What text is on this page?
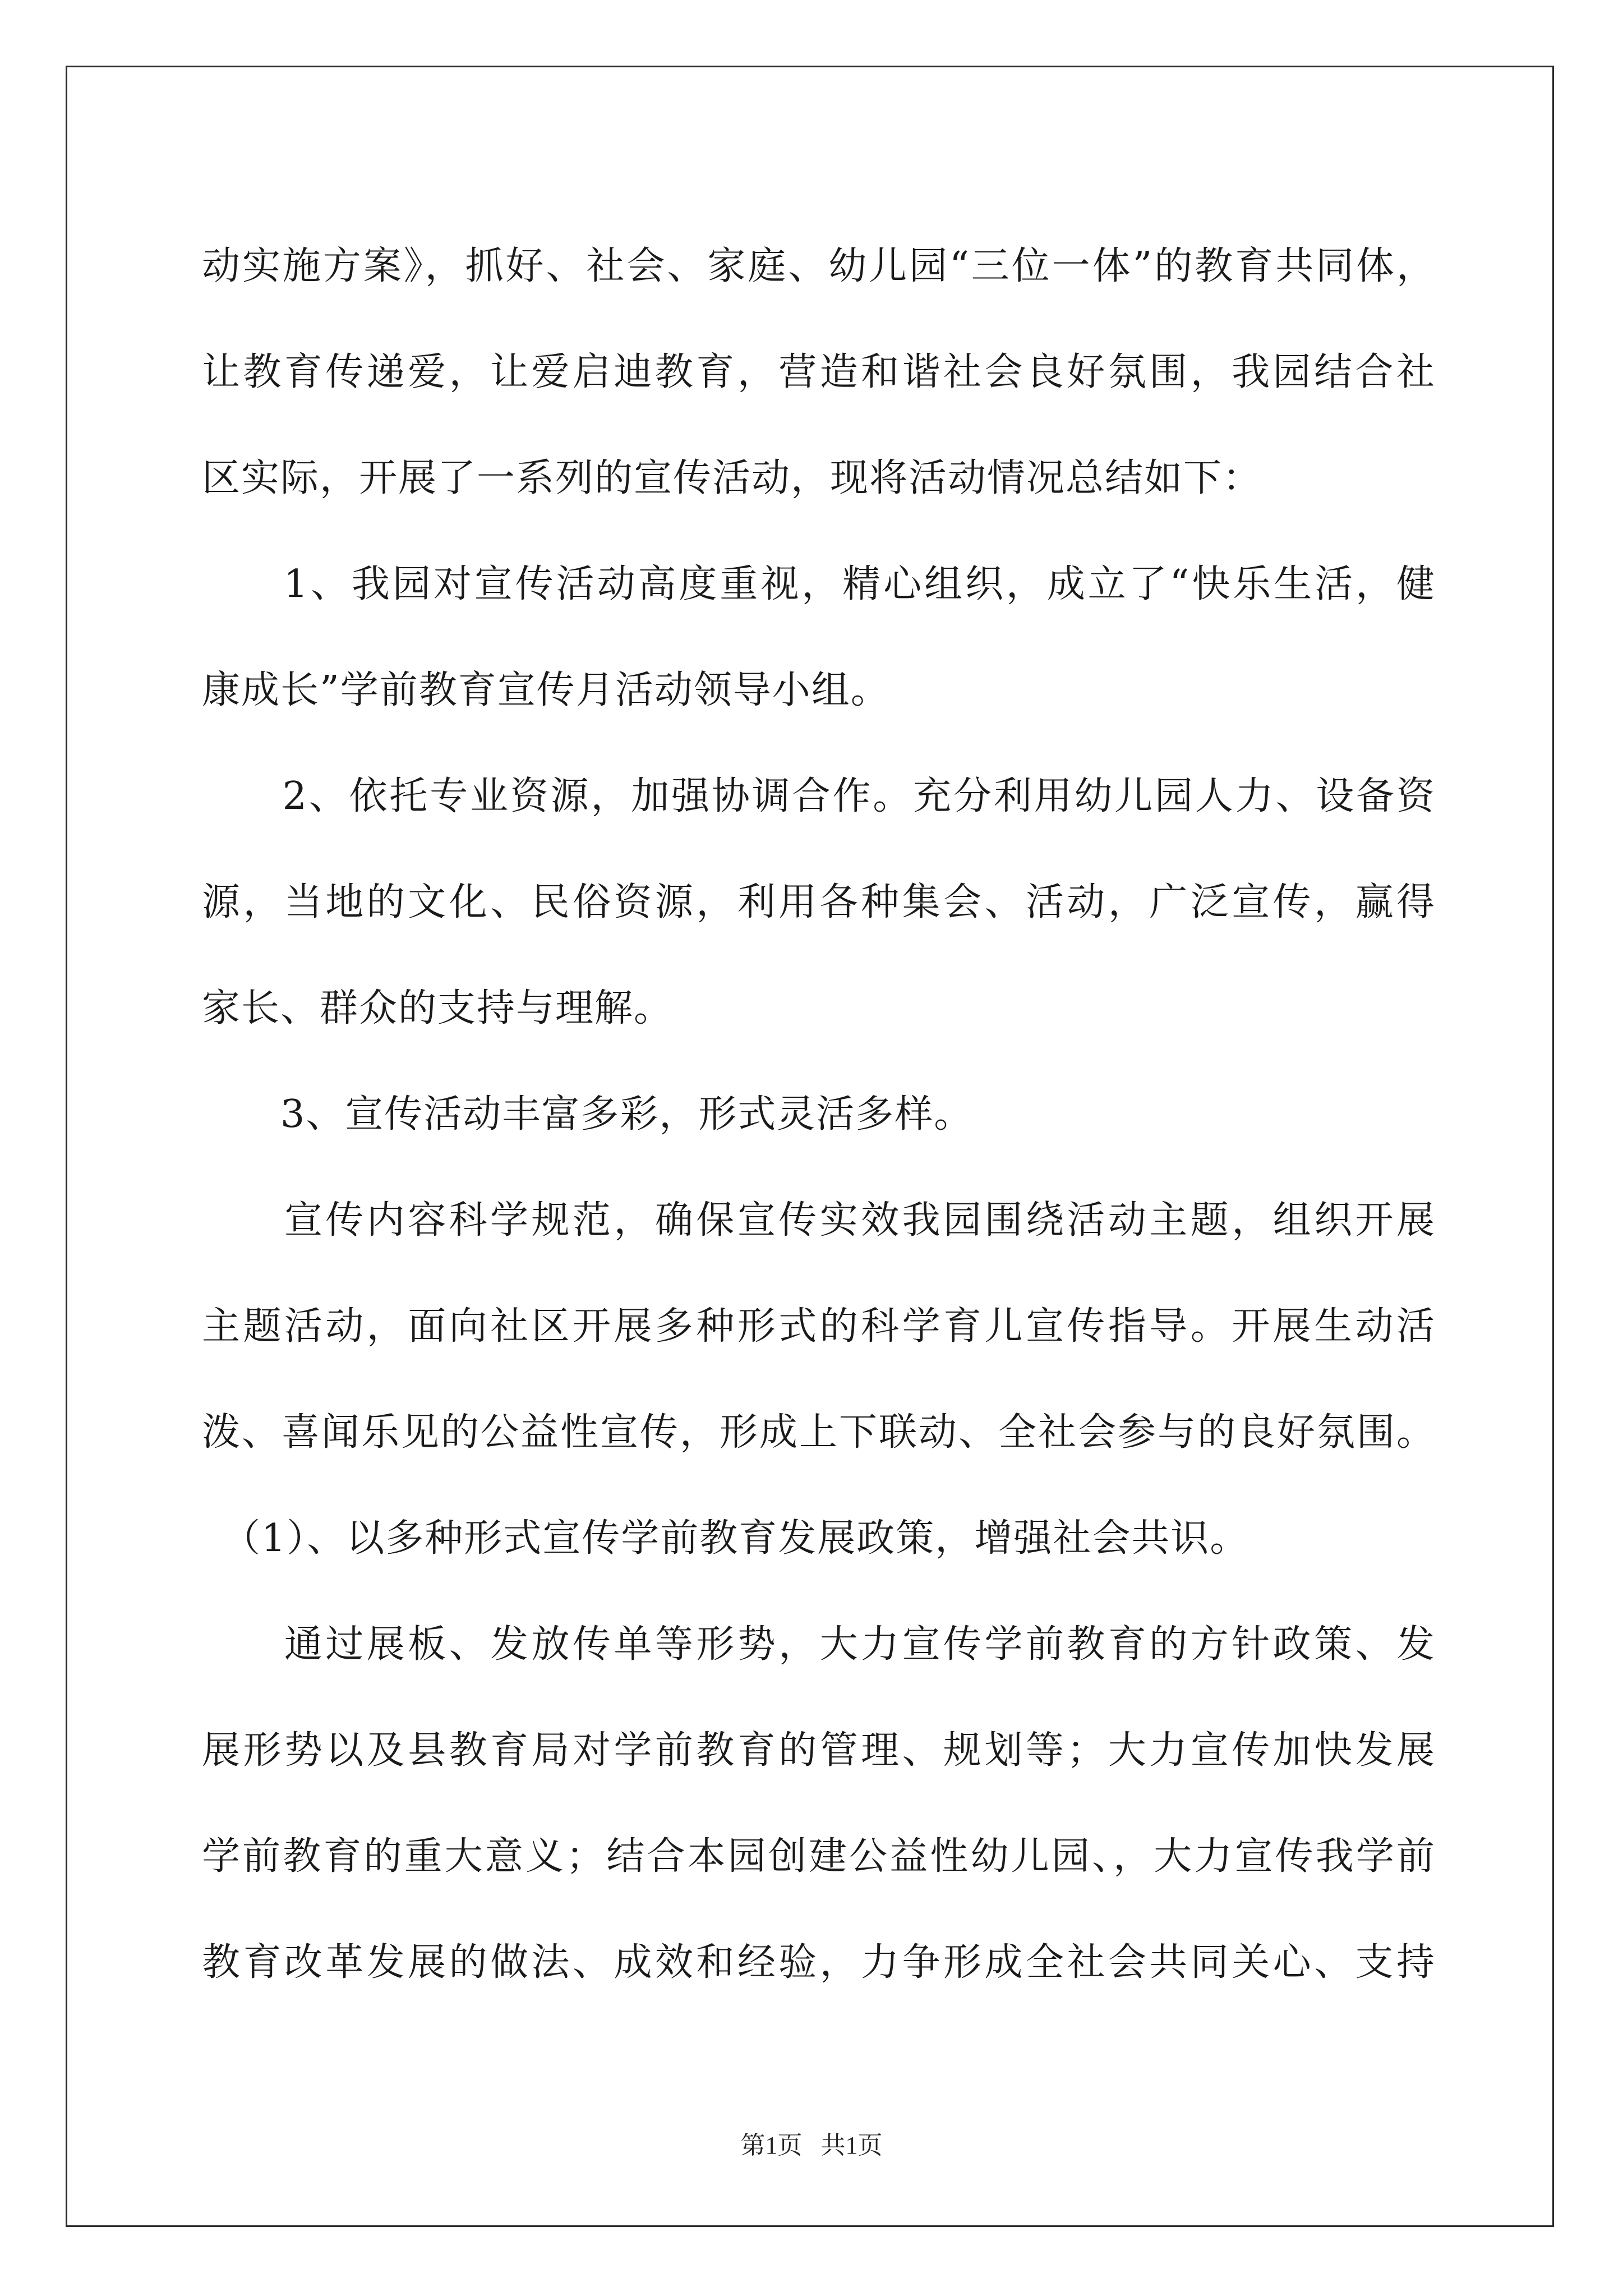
动实施方案》，抓好、社会、家庭、幼儿园“三位一体”的教育共同体，
让教育传递爱，让爱启迪教育，营造和谐社会良好氛围，我园结合社
区实际，开展了一系列的宣传活动，现将活动情况总结如下：
　　1、我园对宣传活动高度重视，精心组织，成立了“快乐生活，健
康成长”学前教育宣传月活动领导小组。
　　2、依托专业资源，加强协调合作。充分利用幼儿园人力、设备资
源，当地的文化、民俗资源，利用各种集会、活动，广泛宣传，赢得
家长、群众的支持与理解。
　　3、宣传活动丰富多彩，形式灵活多样。
　　宣传内容科学规范，确保宣传实效我园围绕活动主题，组织开展
主题活动，面向社区开展多种形式的科学育儿宣传指导。开展生动活
泼、喜闻乐见的公益性宣传，形成上下联动、全社会参与的良好氛围。
　（1）、以多种形式宣传学前教育发展政策，增强社会共识。
　　通过展板、发放传单等形势，大力宣传学前教育的方针政策、发
展形势以及县教育局对学前教育的管理、规划等；大力宣传加快发展
学前教育的重大意义；结合本园创建公益性幼儿园、，大力宣传我学前
教育改革发展的做法、成效和经验，力争形成全社会共同关心、支持
第1页   共1页
